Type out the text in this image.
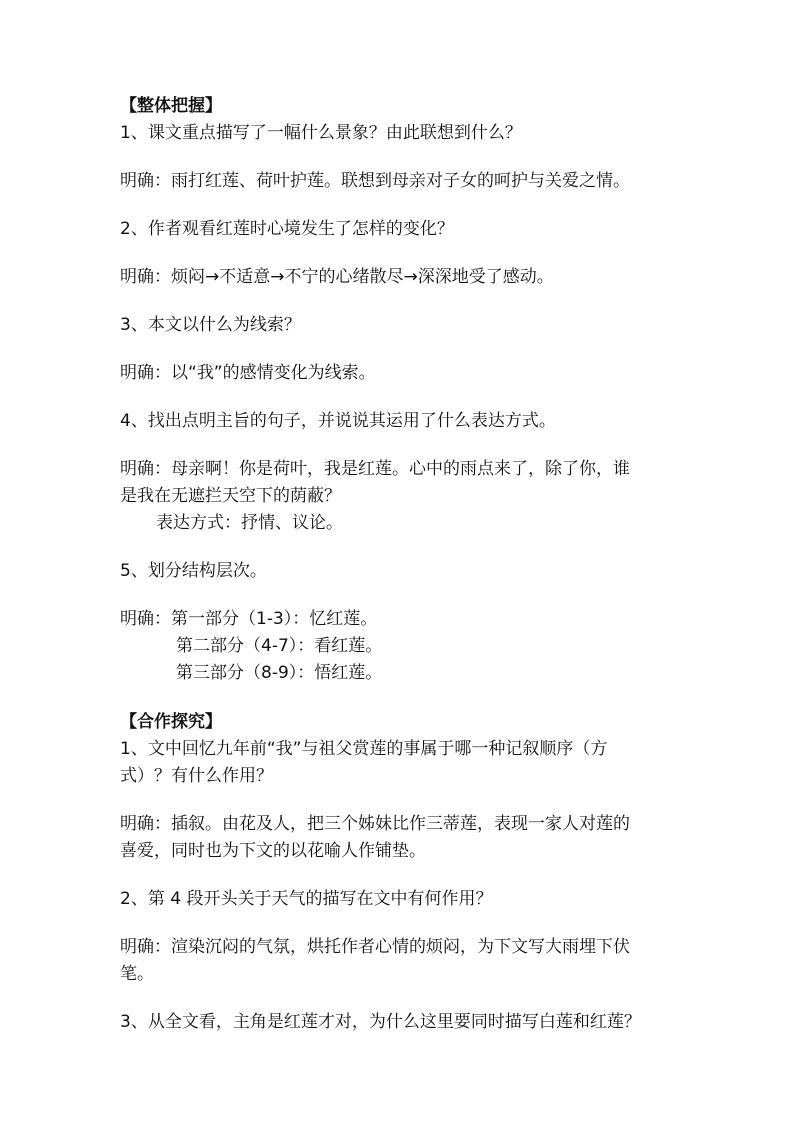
【整体把握】

1、课文重点描写了一幅什么景象？由此联想到什么？

明确：雨打红莲、荷叶护莲。联想到母亲对子女的呵护与关爱之情。

2、作者观看红莲时心境发生了怎样的变化？

明确：烦闷→不适意→不宁的心绪散尽→深深地受了感动。

3、本文以什么为线索？

明确：以“我”的感情变化为线索。

4、找出点明主旨的句子，并说说其运用了什么表达方式。

明确：母亲啊！你是荷叶，我是红莲。心中的雨点来了，除了你，谁

是我在无遮拦天空下的荫蔽？

表达方式：抒情、议论。

5、划分结构层次。

明确：第一部分（1-3）：忆红莲。

第二部分（4-7）：看红莲。

第三部分（8-9）：悟红莲。

【合作探究】

1、文中回忆九年前“我”与祖父赏莲的事属于哪一种记叙顺序（方

式）？有什么作用？

明确：插叙。由花及人，把三个姊妹比作三蒂莲，表现一家人对莲的

喜爱，同时也为下文的以花喻人作铺垫。

2、第 4 段开头关于天气的描写在文中有何作用？

明确：渲染沉闷的气氛，烘托作者心情的烦闷，为下文写大雨埋下伏

笔。

3、从全文看，主角是红莲才对，为什么这里要同时描写白莲和红莲？
